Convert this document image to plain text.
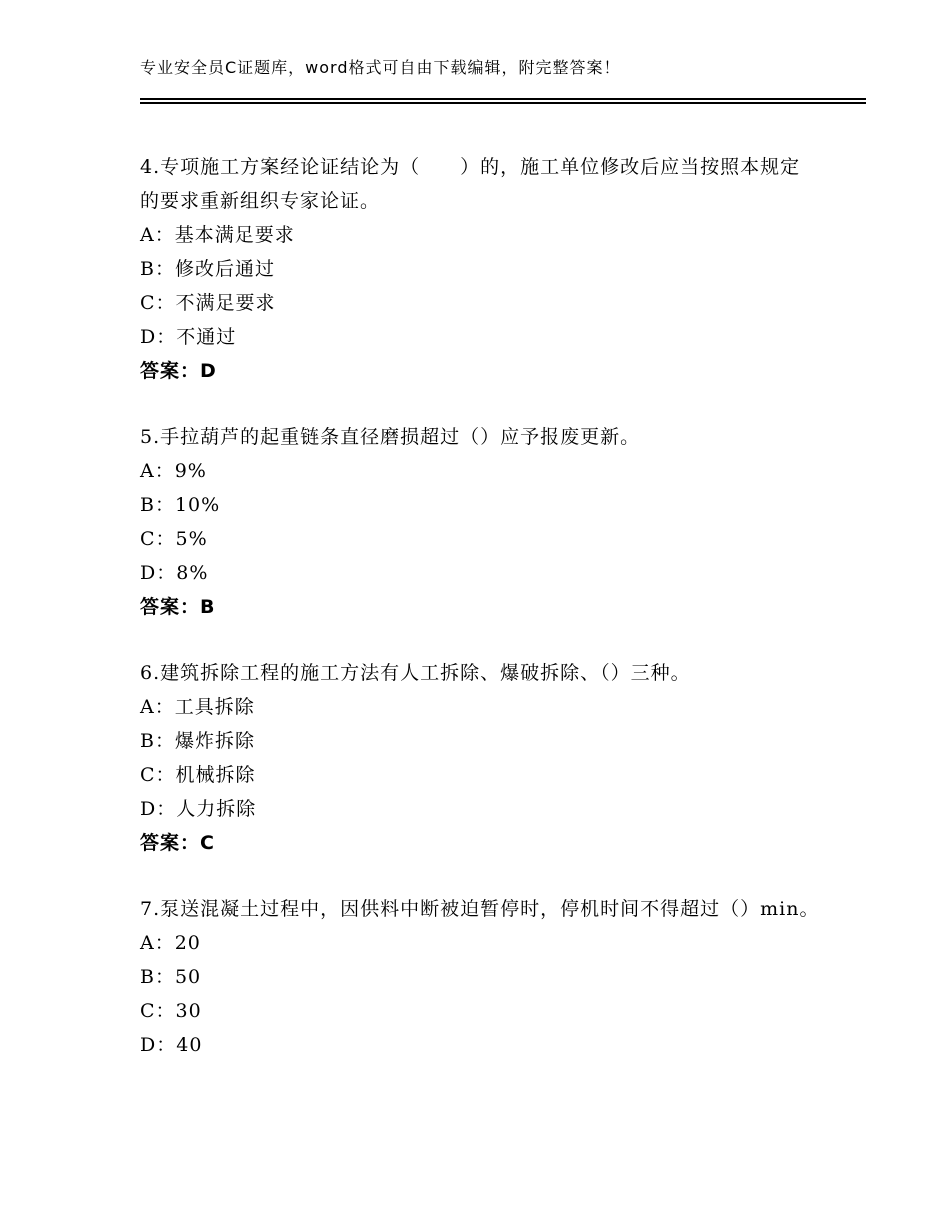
专业安全员C证题库，word格式可自由下载编辑，附完整答案！
4.专项施工方案经论证结论为（　　）的，施工单位修改后应当按照本规定的要求重新组织专家论证。
A：基本满足要求
B：修改后通过
C：不满足要求
D：不通过
答案：D
5.手拉葫芦的起重链条直径磨损超过（）应予报废更新。
A：9%
B：10%
C：5%
D：8%
答案：B
6.建筑拆除工程的施工方法有人工拆除、爆破拆除、（）三种。
A：工具拆除
B：爆炸拆除
C：机械拆除
D：人力拆除
答案：C
7.泵送混凝土过程中，因供料中断被迫暂停时，停机时间不得超过（）min。
A：20
B：50
C：30
D：40
